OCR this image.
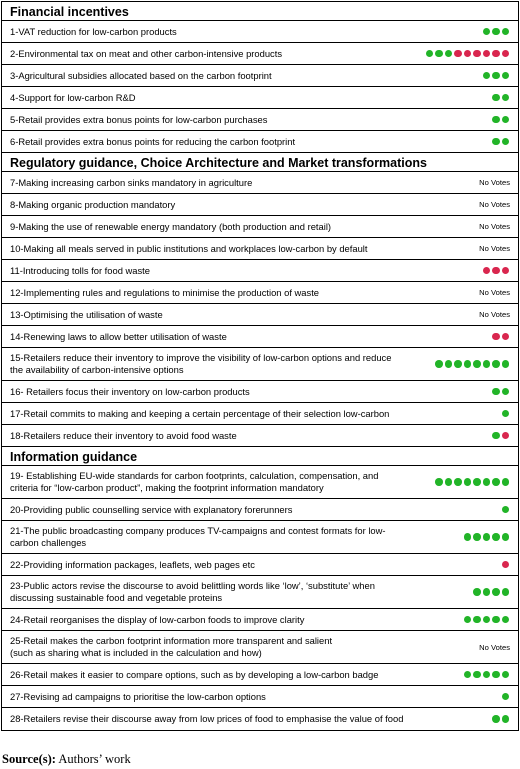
Financial incentives
1-VAT reduction for low-carbon products
2-Environmental tax on meat and other carbon-intensive products
3-Agricultural subsidies allocated based on the carbon footprint
4-Support for low-carbon R&D
5-Retail provides extra bonus points for low-carbon purchases
6-Retail provides extra bonus points for reducing the carbon footprint
Regulatory guidance, Choice Architecture and Market transformations
7-Making increasing carbon sinks mandatory in agriculture	No Votes
8-Making organic production mandatory	No Votes
9-Making the use of renewable energy mandatory (both production and retail)	No Votes
10-Making all meals served in public institutions and workplaces low-carbon by default	No Votes
11-Introducing tolls for food waste
12-Implementing rules and regulations to minimise the production of waste	No Votes
13-Optimising the utilisation of waste	No Votes
14-Renewing laws to allow better utilisation of waste
15-Retailers reduce their inventory to improve the visibility of low-carbon options and reduce
the availability of carbon-intensive options
16- Retailers focus their inventory on low-carbon products
17-Retail commits to making and keeping a certain percentage of their selection low-carbon
18-Retailers reduce their inventory to avoid food waste
Information guidance
19- Establishing EU-wide standards for carbon footprints, calculation, compensation, and
criteria for “low-carbon product”, making the footprint information mandatory
20-Providing public counselling service with explanatory forerunners
21-The public broadcasting company produces TV-campaigns and contest formats for low-
carbon challenges
22-Providing information packages, leaflets, web pages etc
23-Public actors revise the discourse to avoid belittling words like ‘low’, ‘substitute’ when
discussing sustainable food and vegetable proteins
24-Retail reorganises the display of low-carbon foods to improve clarity
25-Retail makes the carbon footprint information more transparent and salient
(such as sharing what is included in the calculation and how)	No Votes
26-Retail makes it easier to compare options, such as by developing a low-carbon badge
27-Revising ad campaigns to prioritise the low-carbon options
28-Retailers revise their discourse away from low prices of food to emphasise the value of food
Source(s): Authors’ work
